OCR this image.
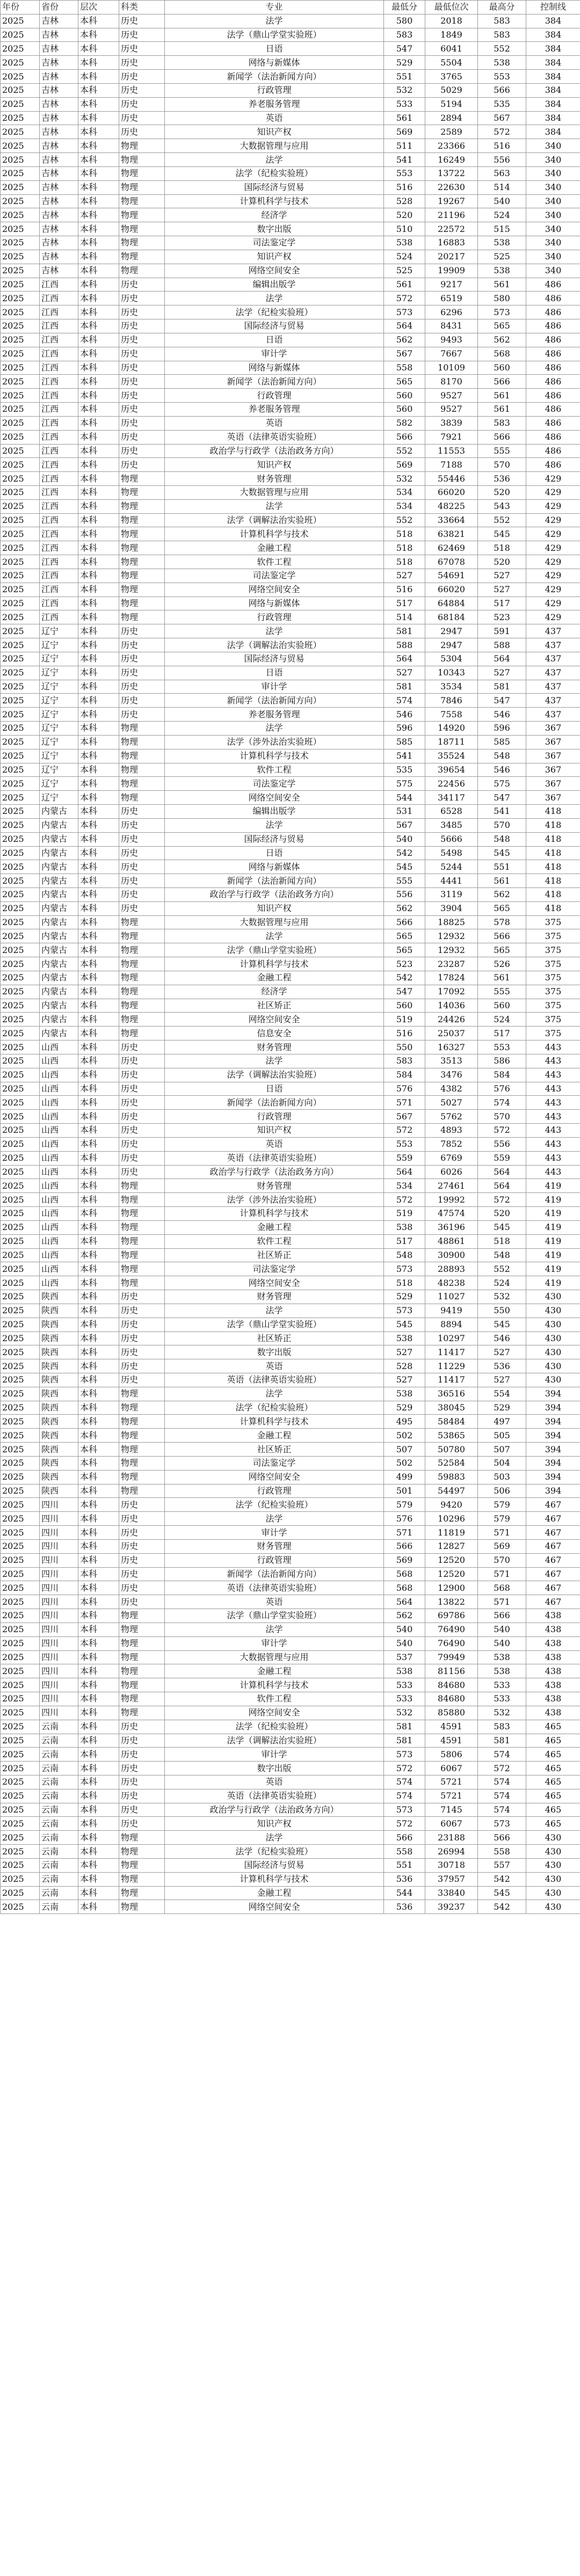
年份	省份	层次	科类	专业	最低分	最低位次	最高分	控制线
2025	吉林	本科	历史	法学	580	2018	583	384
2025	吉林	本科	历史	法学（鼎山学堂实验班）	583	1849	583	384
2025	吉林	本科	历史	日语	547	6041	552	384
2025	吉林	本科	历史	网络与新媒体	529	5504	538	384
2025	吉林	本科	历史	新闻学（法治新闻方向）	551	3765	553	384
2025	吉林	本科	历史	行政管理	532	5029	566	384
2025	吉林	本科	历史	养老服务管理	533	5194	535	384
2025	吉林	本科	历史	英语	561	2894	567	384
2025	吉林	本科	历史	知识产权	569	2589	572	384
2025	吉林	本科	物理	大数据管理与应用	511	23366	516	340
2025	吉林	本科	物理	法学	541	16249	556	340
2025	吉林	本科	物理	法学（纪检实验班）	553	13722	563	340
2025	吉林	本科	物理	国际经济与贸易	516	22630	514	340
2025	吉林	本科	物理	计算机科学与技术	528	19267	540	340
2025	吉林	本科	物理	经济学	520	21196	524	340
2025	吉林	本科	物理	数字出版	510	22572	515	340
2025	吉林	本科	物理	司法鉴定学	538	16883	538	340
2025	吉林	本科	物理	知识产权	524	20217	525	340
2025	吉林	本科	物理	网络空间安全	525	19909	538	340
2025	江西	本科	历史	编辑出版学	561	9217	561	486
2025	江西	本科	历史	法学	572	6519	580	486
2025	江西	本科	历史	法学（纪检实验班）	573	6296	573	486
2025	江西	本科	历史	国际经济与贸易	564	8431	565	486
2025	江西	本科	历史	日语	562	9493	562	486
2025	江西	本科	历史	审计学	567	7667	568	486
2025	江西	本科	历史	网络与新媒体	558	10109	560	486
2025	江西	本科	历史	新闻学（法治新闻方向）	565	8170	566	486
2025	江西	本科	历史	行政管理	560	9527	561	486
2025	江西	本科	历史	养老服务管理	560	9527	561	486
2025	江西	本科	历史	英语	582	3839	583	486
2025	江西	本科	历史	英语（法律英语实验班）	566	7921	566	486
2025	江西	本科	历史	政治学与行政学（法治政务方向）	552	11553	555	486
2025	江西	本科	历史	知识产权	569	7188	570	486
2025	江西	本科	物理	财务管理	532	55446	536	429
2025	江西	本科	物理	大数据管理与应用	534	66020	520	429
2025	江西	本科	物理	法学	534	48225	543	429
2025	江西	本科	物理	法学（调解法治实验班）	552	33664	552	429
2025	江西	本科	物理	计算机科学与技术	518	63821	545	429
2025	江西	本科	物理	金融工程	518	62469	518	429
2025	江西	本科	物理	软件工程	518	67078	520	429
2025	江西	本科	物理	司法鉴定学	527	54691	527	429
2025	江西	本科	物理	网络空间安全	516	66020	527	429
2025	江西	本科	物理	网络与新媒体	517	64884	517	429
2025	江西	本科	物理	行政管理	514	68184	523	429
2025	辽宁	本科	历史	法学	581	2947	591	437
2025	辽宁	本科	历史	法学（调解法治实验班）	588	2947	588	437
2025	辽宁	本科	历史	国际经济与贸易	564	5304	564	437
2025	辽宁	本科	历史	日语	527	10343	527	437
2025	辽宁	本科	历史	审计学	581	3534	581	437
2025	辽宁	本科	历史	新闻学（法治新闻方向）	574	7846	547	437
2025	辽宁	本科	历史	养老服务管理	546	7558	546	437
2025	辽宁	本科	物理	法学	596	14920	596	367
2025	辽宁	本科	物理	法学（涉外法治实验班）	585	18711	585	367
2025	辽宁	本科	物理	计算机科学与技术	541	35524	548	367
2025	辽宁	本科	物理	软件工程	535	39654	546	367
2025	辽宁	本科	物理	司法鉴定学	575	22456	575	367
2025	辽宁	本科	物理	网络空间安全	544	34117	547	367
2025	内蒙古	本科	历史	编辑出版学	531	6528	541	418
2025	内蒙古	本科	历史	法学	567	3485	570	418
2025	内蒙古	本科	历史	国际经济与贸易	540	5666	548	418
2025	内蒙古	本科	历史	日语	542	5498	545	418
2025	内蒙古	本科	历史	网络与新媒体	545	5244	551	418
2025	内蒙古	本科	历史	新闻学（法治新闻方向）	555	4441	561	418
2025	内蒙古	本科	历史	政治学与行政学（法治政务方向）	556	3119	562	418
2025	内蒙古	本科	历史	知识产权	562	3904	565	418
2025	内蒙古	本科	物理	大数据管理与应用	566	18825	578	375
2025	内蒙古	本科	物理	法学	565	12932	566	375
2025	内蒙古	本科	物理	法学（鼎山学堂实验班）	565	12932	565	375
2025	内蒙古	本科	物理	计算机科学与技术	523	23287	526	375
2025	内蒙古	本科	物理	金融工程	542	17824	561	375
2025	内蒙古	本科	物理	经济学	547	17092	555	375
2025	内蒙古	本科	物理	社区矫正	560	14036	560	375
2025	内蒙古	本科	物理	网络空间安全	519	24426	524	375
2025	内蒙古	本科	物理	信息安全	516	25037	517	375
2025	山西	本科	历史	财务管理	550	16327	553	443
2025	山西	本科	历史	法学	583	3513	586	443
2025	山西	本科	历史	法学（调解法治实验班）	584	3476	584	443
2025	山西	本科	历史	日语	576	4382	576	443
2025	山西	本科	历史	新闻学（法治新闻方向）	571	5027	574	443
2025	山西	本科	历史	行政管理	567	5762	570	443
2025	山西	本科	历史	知识产权	572	4893	572	443
2025	山西	本科	历史	英语	553	7852	556	443
2025	山西	本科	历史	英语（法律英语实验班）	559	6769	559	443
2025	山西	本科	历史	政治学与行政学（法治政务方向）	564	6026	564	443
2025	山西	本科	物理	财务管理	534	27461	564	419
2025	山西	本科	物理	法学（涉外法治实验班）	572	19992	572	419
2025	山西	本科	物理	计算机科学与技术	519	47574	520	419
2025	山西	本科	物理	金融工程	538	36196	545	419
2025	山西	本科	物理	软件工程	517	48861	518	419
2025	山西	本科	物理	社区矫正	548	30900	548	419
2025	山西	本科	物理	司法鉴定学	573	28893	552	419
2025	山西	本科	物理	网络空间安全	518	48238	524	419
2025	陕西	本科	历史	财务管理	529	11027	532	430
2025	陕西	本科	历史	法学	573	9419	550	430
2025	陕西	本科	历史	法学（鼎山学堂实验班）	545	8894	545	430
2025	陕西	本科	历史	社区矫正	538	10297	546	430
2025	陕西	本科	历史	数字出版	527	11417	527	430
2025	陕西	本科	历史	英语	528	11229	536	430
2025	陕西	本科	历史	英语（法律英语实验班）	527	11417	527	430
2025	陕西	本科	物理	法学	538	36516	554	394
2025	陕西	本科	物理	法学（纪检实验班）	529	38045	529	394
2025	陕西	本科	物理	计算机科学与技术	495	58484	497	394
2025	陕西	本科	物理	金融工程	502	53865	505	394
2025	陕西	本科	物理	社区矫正	507	50780	507	394
2025	陕西	本科	物理	司法鉴定学	502	52584	504	394
2025	陕西	本科	物理	网络空间安全	499	59883	503	394
2025	陕西	本科	物理	行政管理	501	54497	506	394
2025	四川	本科	历史	法学（纪检实验班）	579	9420	579	467
2025	四川	本科	历史	法学	576	10296	579	467
2025	四川	本科	历史	审计学	571	11819	571	467
2025	四川	本科	历史	财务管理	566	12827	569	467
2025	四川	本科	历史	行政管理	569	12520	570	467
2025	四川	本科	历史	新闻学（法治新闻方向）	568	12520	571	467
2025	四川	本科	历史	英语（法律英语实验班）	568	12900	568	467
2025	四川	本科	历史	英语	564	13822	571	467
2025	四川	本科	物理	法学（鼎山学堂实验班）	562	69786	566	438
2025	四川	本科	物理	法学	540	76490	540	438
2025	四川	本科	物理	审计学	540	76490	540	438
2025	四川	本科	物理	大数据管理与应用	537	79949	538	438
2025	四川	本科	物理	金融工程	538	81156	538	438
2025	四川	本科	物理	计算机科学与技术	533	84680	533	438
2025	四川	本科	物理	软件工程	533	84680	533	438
2025	四川	本科	物理	网络空间安全	532	85880	532	438
2025	云南	本科	历史	法学（纪检实验班）	581	4591	583	465
2025	云南	本科	历史	法学（调解法治实验班）	581	4591	581	465
2025	云南	本科	历史	审计学	573	5806	574	465
2025	云南	本科	历史	数字出版	572	6067	572	465
2025	云南	本科	历史	英语	574	5721	574	465
2025	云南	本科	历史	英语（法律英语实验班）	574	5721	574	465
2025	云南	本科	历史	政治学与行政学（法治政务方向）	573	7145	574	465
2025	云南	本科	历史	知识产权	572	6067	573	465
2025	云南	本科	物理	法学	566	23188	566	430
2025	云南	本科	物理	法学（纪检实验班）	558	26994	558	430
2025	云南	本科	物理	国际经济与贸易	551	30718	557	430
2025	云南	本科	物理	计算机科学与技术	536	37957	542	430
2025	云南	本科	物理	金融工程	544	33840	545	430
2025	云南	本科	物理	网络空间安全	536	39237	542	430
